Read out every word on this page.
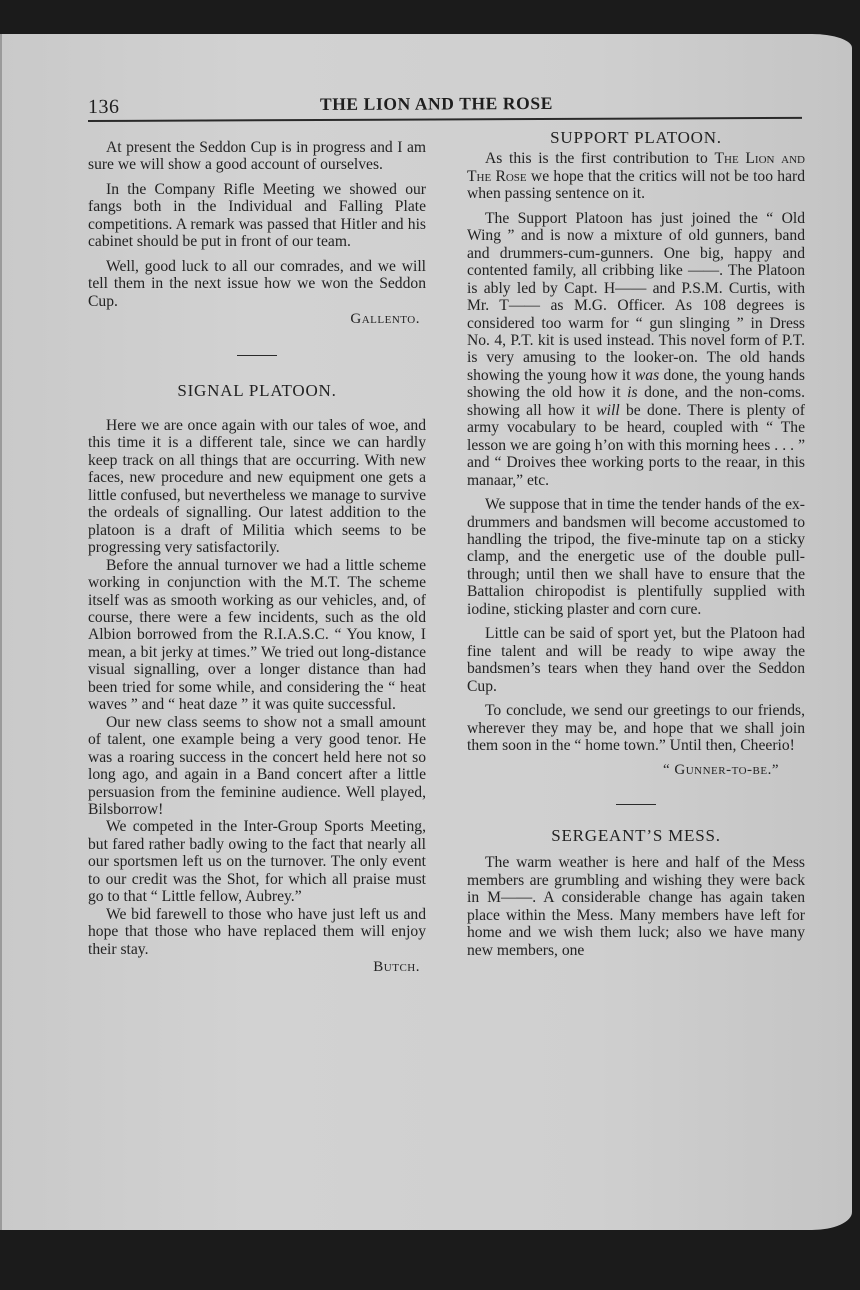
136	THE LION AND THE ROSE

At present the Seddon Cup is in progress and I am sure we will show a good account of ourselves.

In the Company Rifle Meeting we showed our fangs both in the Individual and Falling Plate competitions. A remark was passed that Hitler and his cabinet should be put in front of our team.

Well, good luck to all our comrades, and we will tell them in the next issue how we won the Seddon Cup.

Gallento.
SIGNAL PLATOON.

Here we are once again with our tales of woe, and this time it is a different tale, since we can hardly keep track on all things that are occurring. With new faces, new procedure and new equipment one gets a little confused, but nevertheless we manage to survive the ordeals of signalling. Our latest addition to the platoon is a draft of Militia which seems to be progressing very satisfactorily.

Before the annual turnover we had a little scheme working in conjunction with the M.T. The scheme itself was as smooth working as our vehicles, and, of course, there were a few incidents, such as the old Albion borrowed from the R.I.A.S.C. “ You know, I mean, a bit jerky at times.” We tried out long-distance visual signalling, over a longer distance than had been tried for some while, and considering the “ heat waves ” and “ heat daze ” it was quite successful.

Our new class seems to show not a small amount of talent, one example being a very good tenor. He was a roaring success in the concert held here not so long ago, and again in a Band concert after a little persuasion from the feminine audience. Well played, Bilsborrow!

We competed in the Inter-Group Sports Meeting, but fared rather badly owing to the fact that nearly all our sportsmen left us on the turnover. The only event to our credit was the Shot, for which all praise must go to that “ Little fellow, Aubrey.”

We bid farewell to those who have just left us and hope that those who have replaced them will enjoy their stay.

Butch.
SUPPORT PLATOON.

As this is the first contribution to The Lion and The Rose we hope that the critics will not be too hard when passing sentence on it.

The Support Platoon has just joined the “ Old Wing ” and is now a mixture of old gunners, band and drummers-cum-gunners. One big, happy and contented family, all cribbing like ——. The Platoon is ably led by Capt. H—— and P.S.M. Curtis, with Mr. T—— as M.G. Officer. As 108 degrees is considered too warm for “ gun slinging ” in Dress No. 4, P.T. kit is used instead. This novel form of P.T. is very amusing to the looker-on. The old hands showing the young how it was done, the young hands showing the old how it is done, and the non-coms. showing all how it will be done. There is plenty of army vocabulary to be heard, coupled with “ The lesson we are going h’on with this morning hees . . . ” and “ Droives thee working ports to the reaar, in this manaar,” etc.

We suppose that in time the tender hands of the ex-drummers and bandsmen will become accustomed to handling the tripod, the five-minute tap on a sticky clamp, and the energetic use of the double pull-through; until then we shall have to ensure that the Battalion chiropodist is plentifully supplied with iodine, sticking plaster and corn cure.

Little can be said of sport yet, but the Platoon had fine talent and will be ready to wipe away the bandsmen’s tears when they hand over the Seddon Cup.

To conclude, we send our greetings to our friends, wherever they may be, and hope that we shall join them soon in the “ home town.” Until then, Cheerio!

“ Gunner-to-be.”
SERGEANT’S MESS.

The warm weather is here and half of the Mess members are grumbling and wishing they were back in M——. A considerable change has again taken place within the Mess. Many members have left for home and we wish them luck; also we have many new members, one
